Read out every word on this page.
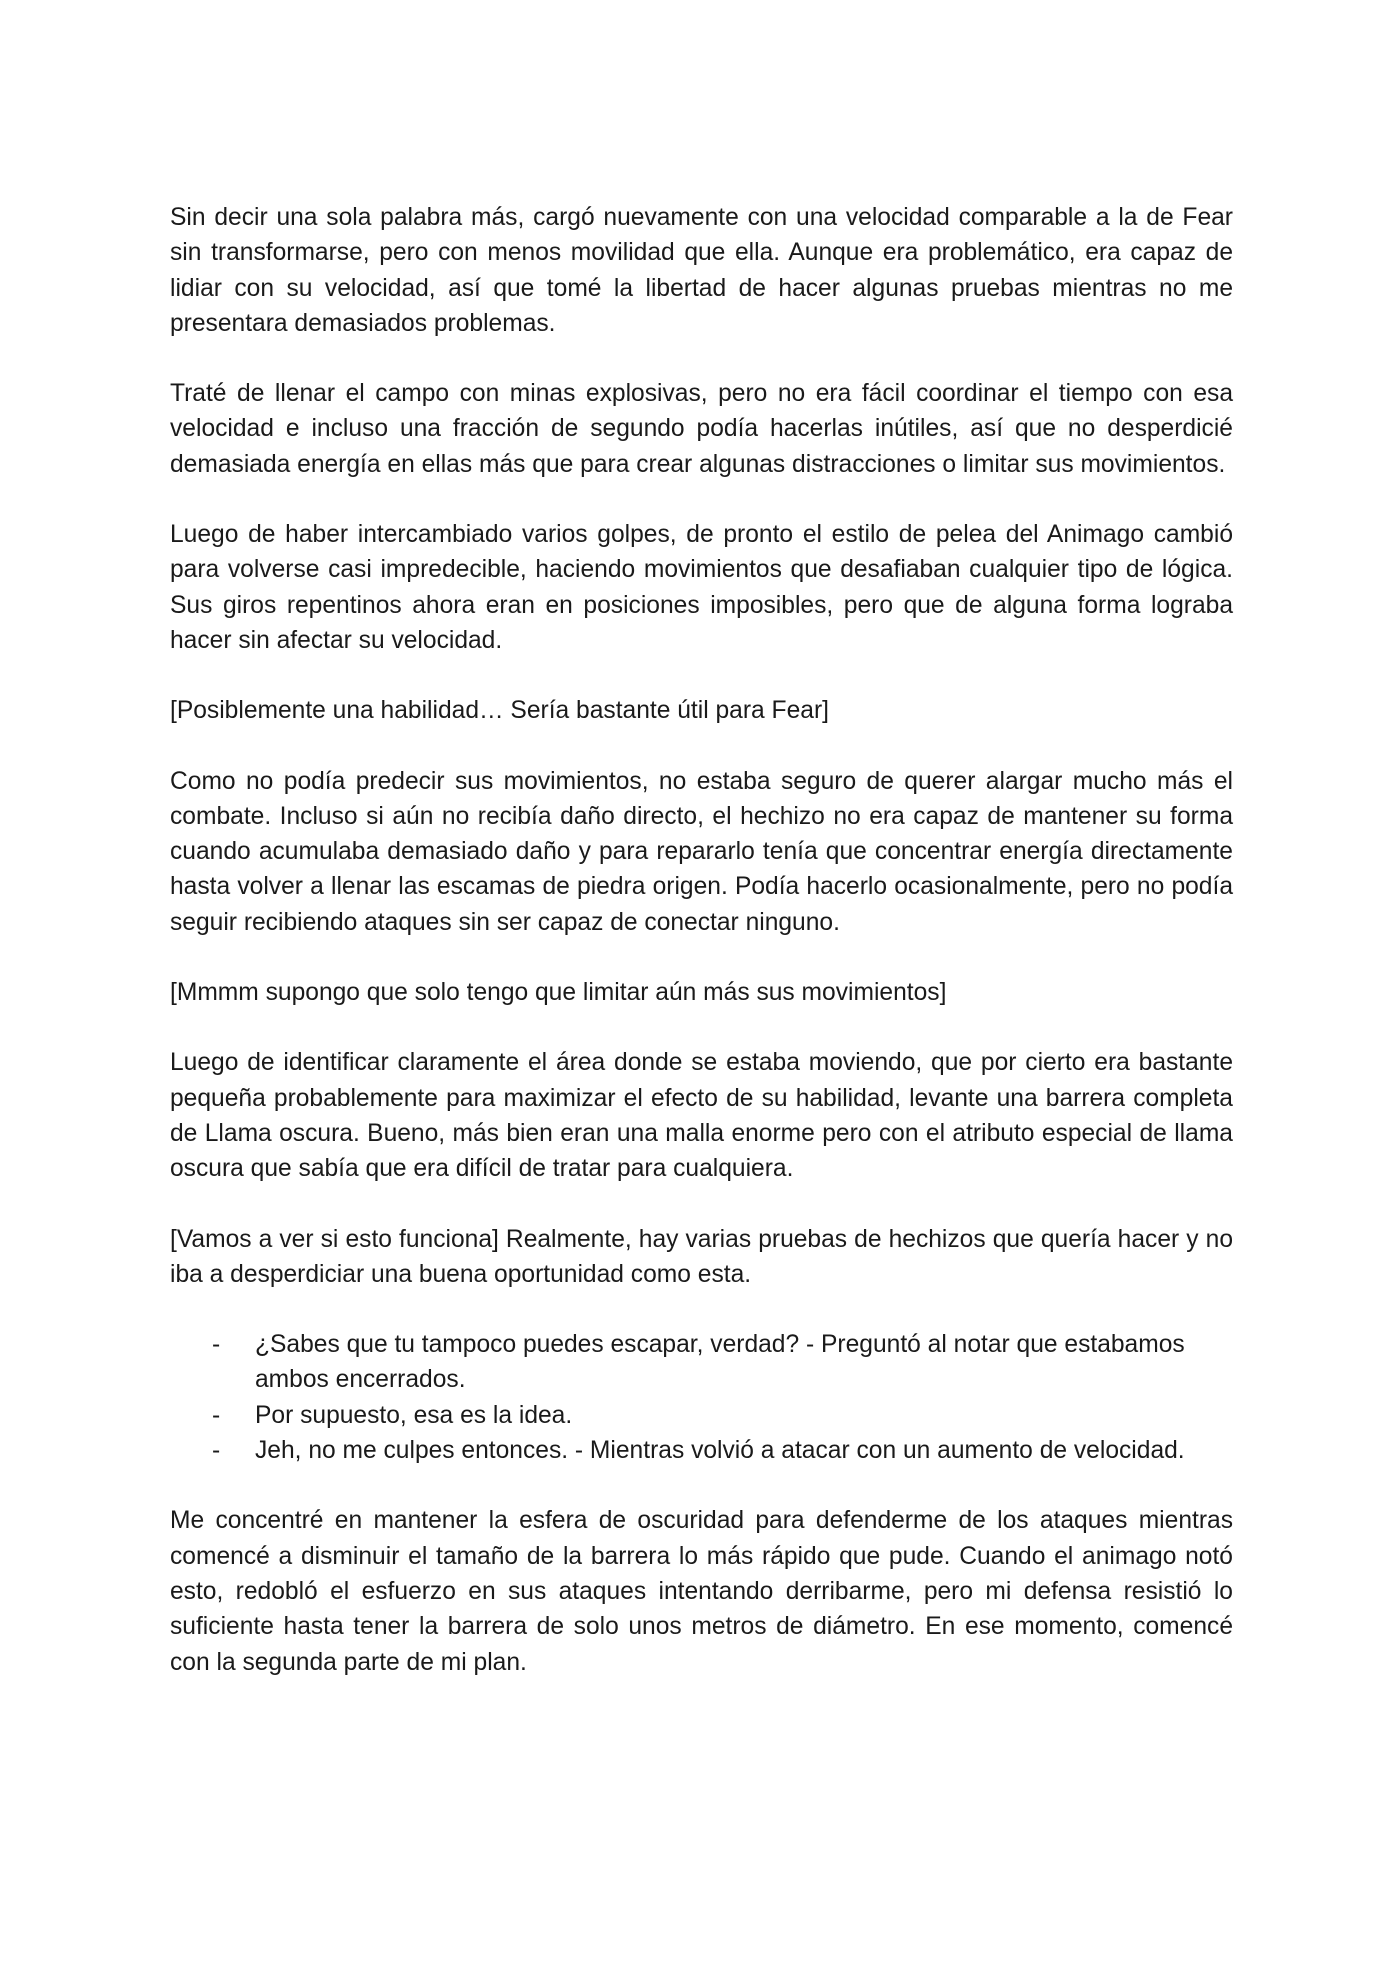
Sin decir una sola palabra más, cargó nuevamente con una velocidad comparable a la de Fear sin transformarse, pero con menos movilidad que ella. Aunque era problemático, era capaz de lidiar con su velocidad, así que tomé la libertad de hacer algunas pruebas mientras no me presentara demasiados problemas.

Traté de llenar el campo con minas explosivas, pero no era fácil coordinar el tiempo con esa velocidad e incluso una fracción de segundo podía hacerlas inútiles, así que no desperdicié demasiada energía en ellas más que para crear algunas distracciones o limitar sus movimientos.

Luego de haber intercambiado varios golpes, de pronto el estilo de pelea del Animago cambió para volverse casi impredecible, haciendo movimientos que desafiaban cualquier tipo de lógica. Sus giros repentinos ahora eran en posiciones imposibles, pero que de alguna forma lograba hacer sin afectar su velocidad.

[Posiblemente una habilidad… Sería bastante útil para Fear]

Como no podía predecir sus movimientos, no estaba seguro de querer alargar mucho más el combate. Incluso si aún no recibía daño directo, el hechizo no era capaz de mantener su forma cuando acumulaba demasiado daño y para repararlo tenía que concentrar energía directamente hasta volver a llenar las escamas de piedra origen. Podía hacerlo ocasionalmente, pero no podía seguir recibiendo ataques sin ser capaz de conectar ninguno.

[Mmmm supongo que solo tengo que limitar aún más sus movimientos]

Luego de identificar claramente el área donde se estaba moviendo, que por cierto era bastante pequeña probablemente para maximizar el efecto de su habilidad, levante una barrera completa de Llama oscura. Bueno, más bien eran una malla enorme pero con el atributo especial de llama oscura que sabía que era difícil de tratar para cualquiera.

[Vamos a ver si esto funciona] Realmente, hay varias pruebas de hechizos que quería hacer y no iba a desperdiciar una buena oportunidad como esta.

- ¿Sabes que tu tampoco puedes escapar, verdad? - Preguntó al notar que estabamos ambos encerrados.
- Por supuesto, esa es la idea.
- Jeh, no me culpes entonces. - Mientras volvió a atacar con un aumento de velocidad.

Me concentré en mantener la esfera de oscuridad para defenderme de los ataques mientras comencé a disminuir el tamaño de la barrera lo más rápido que pude. Cuando el animago notó esto, redobló el esfuerzo en sus ataques intentando derribarme, pero mi defensa resistió lo suficiente hasta tener la barrera de solo unos metros de diámetro. En ese momento, comencé con la segunda parte de mi plan.
